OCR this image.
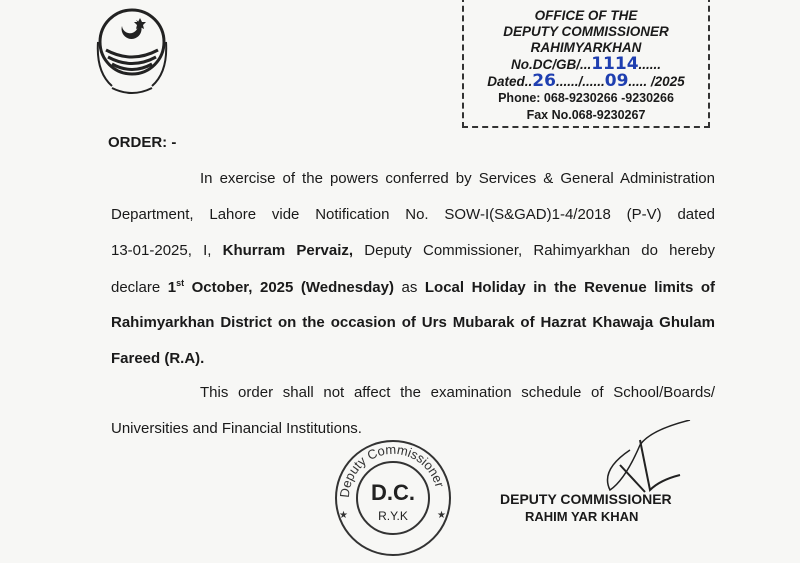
OFFICE OF THE
DEPUTY COMMISSIONER
RAHIMYARKHAN
No.DC/GB/...1114......
Dated..26....../......09..... /2025
Phone: 068-9230266 -9230266
Fax No.068-9230267
ORDER: -
In exercise of the powers conferred by Services & General Administration
Department, Lahore vide Notification No. SOW-I(S&GAD)1-4/2018 (P-V) dated
13-01-2025, I, Khurram Pervaiz, Deputy Commissioner, Rahimyarkhan do hereby
declare 1st October, 2025 (Wednesday) as Local Holiday in the Revenue limits of
Rahimyarkhan District on the occasion of Urs Mubarak of Hazrat Khawaja Ghulam
Fareed (R.A).
This order shall not affect the examination schedule of School/Boards/
Universities and Financial Institutions.
Deputy Commissioner
D.C.
R.Y.K
★	★
DEPUTY COMMISSIONER
RAHIM YAR KHAN
